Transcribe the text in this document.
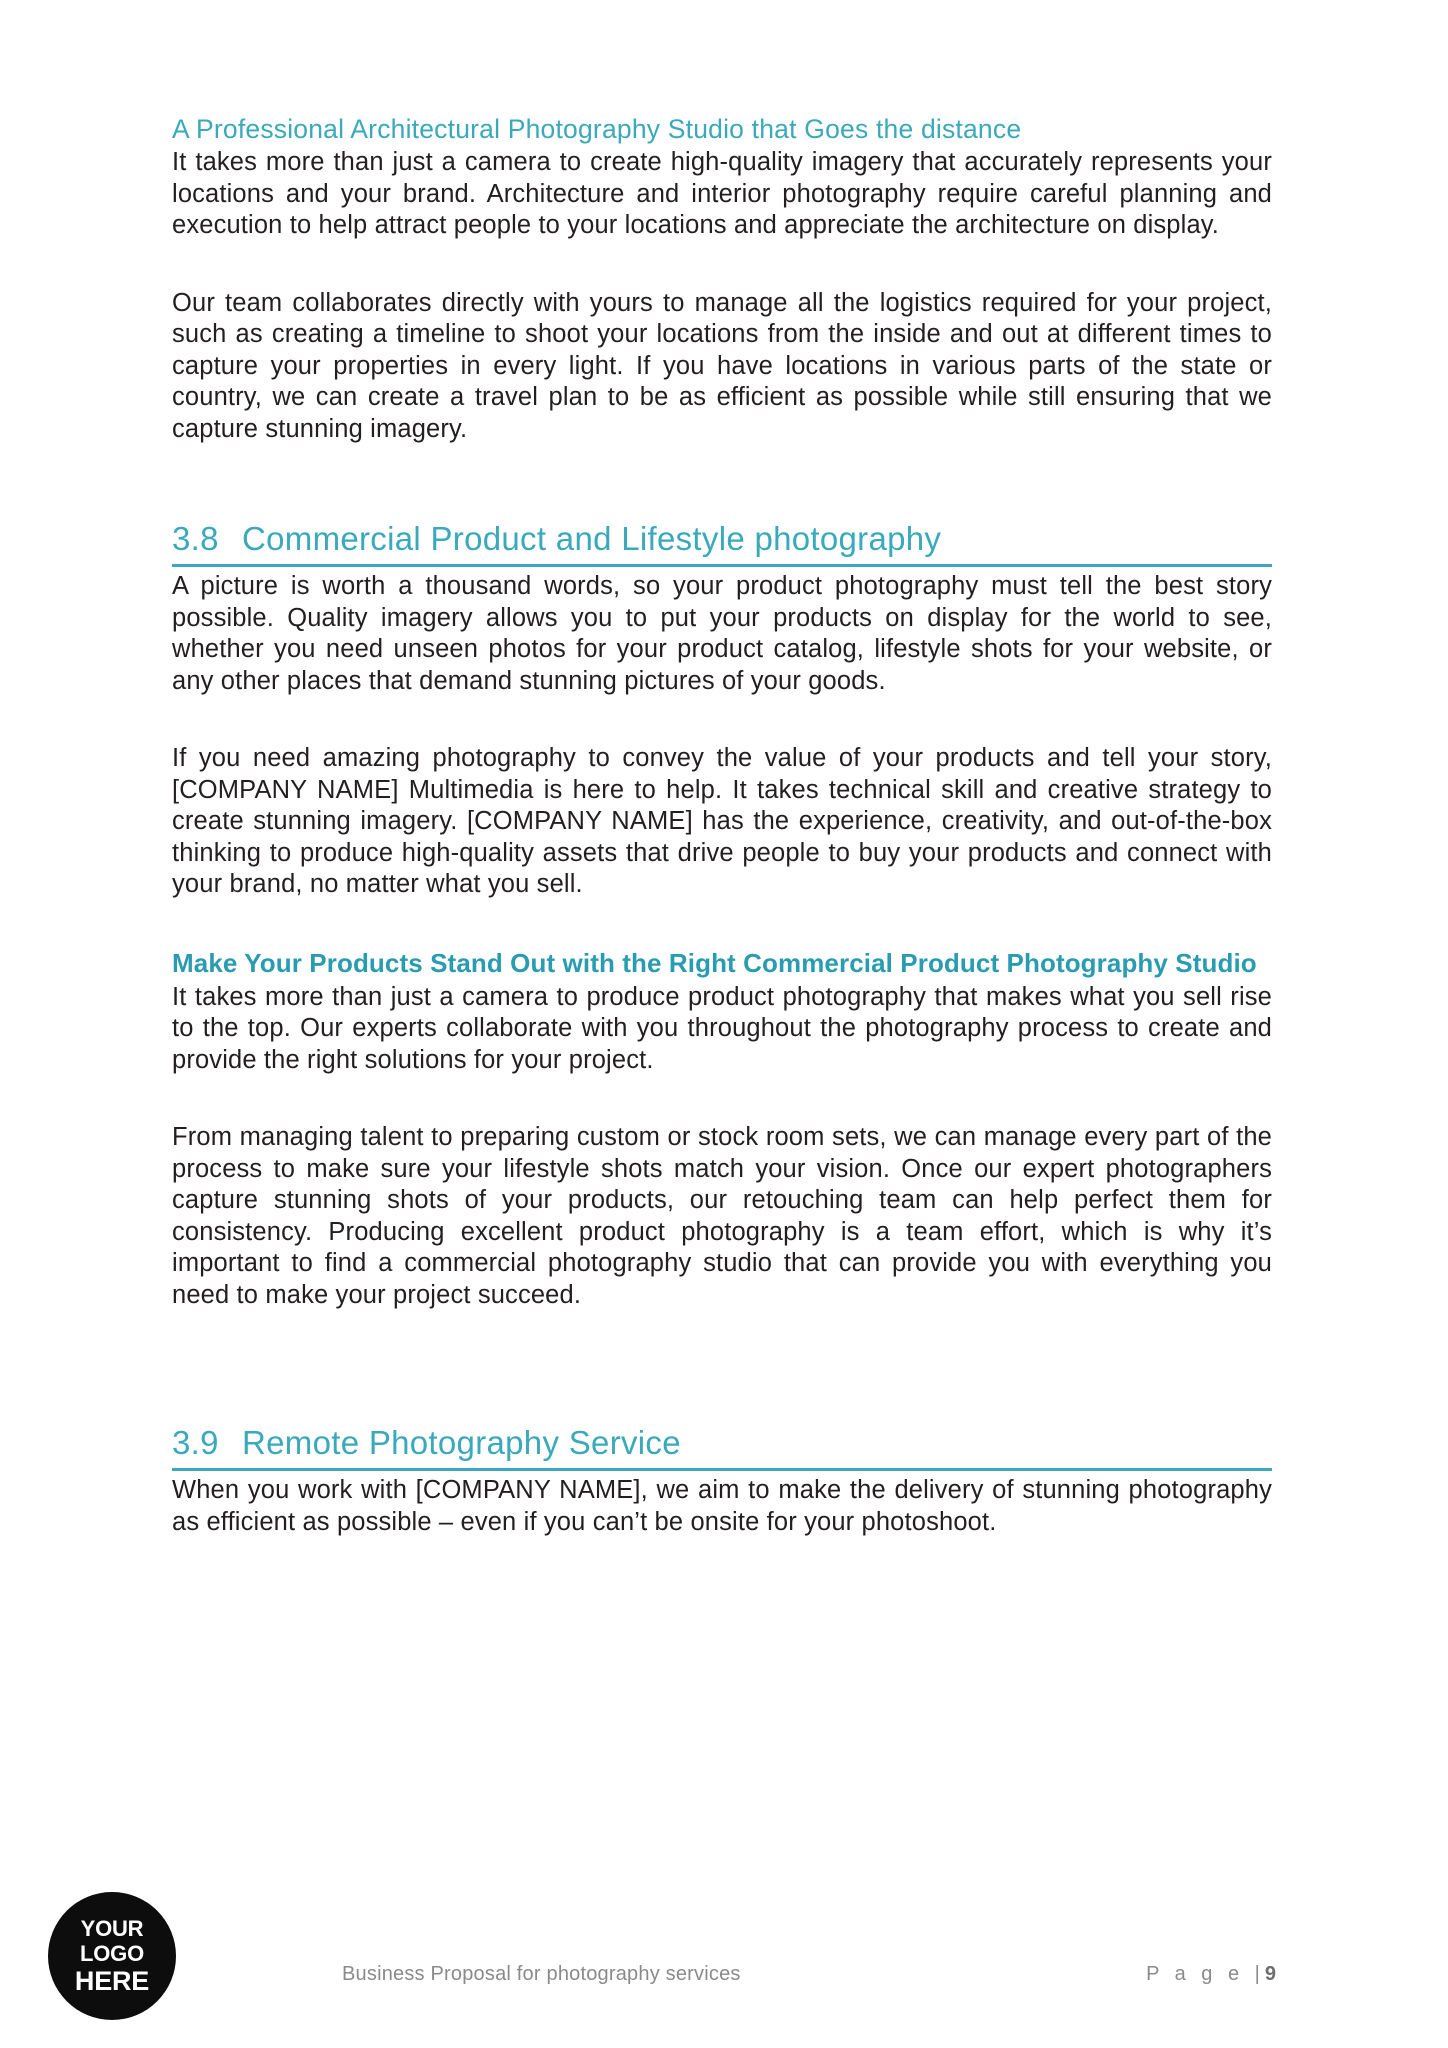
A Professional Architectural Photography Studio that Goes the distance

It takes more than just a camera to create high-quality imagery that accurately represents your locations and your brand. Architecture and interior photography require careful planning and execution to help attract people to your locations and appreciate the architecture on display.

Our team collaborates directly with yours to manage all the logistics required for your project, such as creating a timeline to shoot your locations from the inside and out at different times to capture your properties in every light. If you have locations in various parts of the state or country, we can create a travel plan to be as efficient as possible while still ensuring that we capture stunning imagery.

3.8 Commercial Product and Lifestyle photography

A picture is worth a thousand words, so your product photography must tell the best story possible. Quality imagery allows you to put your products on display for the world to see, whether you need unseen photos for your product catalog, lifestyle shots for your website, or any other places that demand stunning pictures of your goods.

If you need amazing photography to convey the value of your products and tell your story, [COMPANY NAME] Multimedia is here to help. It takes technical skill and creative strategy to create stunning imagery. [COMPANY NAME] has the experience, creativity, and out-of-the-box thinking to produce high-quality assets that drive people to buy your products and connect with your brand, no matter what you sell.

Make Your Products Stand Out with the Right Commercial Product Photography Studio

It takes more than just a camera to produce product photography that makes what you sell rise to the top. Our experts collaborate with you throughout the photography process to create and provide the right solutions for your project.

From managing talent to preparing custom or stock room sets, we can manage every part of the process to make sure your lifestyle shots match your vision. Once our expert photographers capture stunning shots of your products, our retouching team can help perfect them for consistency. Producing excellent product photography is a team effort, which is why it’s important to find a commercial photography studio that can provide you with everything you need to make your project succeed.

3.9 Remote Photography Service

When you work with [COMPANY NAME], we aim to make the delivery of stunning photography as efficient as possible – even if you can’t be onsite for your photoshoot.

YOUR
LOGO
HERE	Business Proposal for photography services	P a g e |9
